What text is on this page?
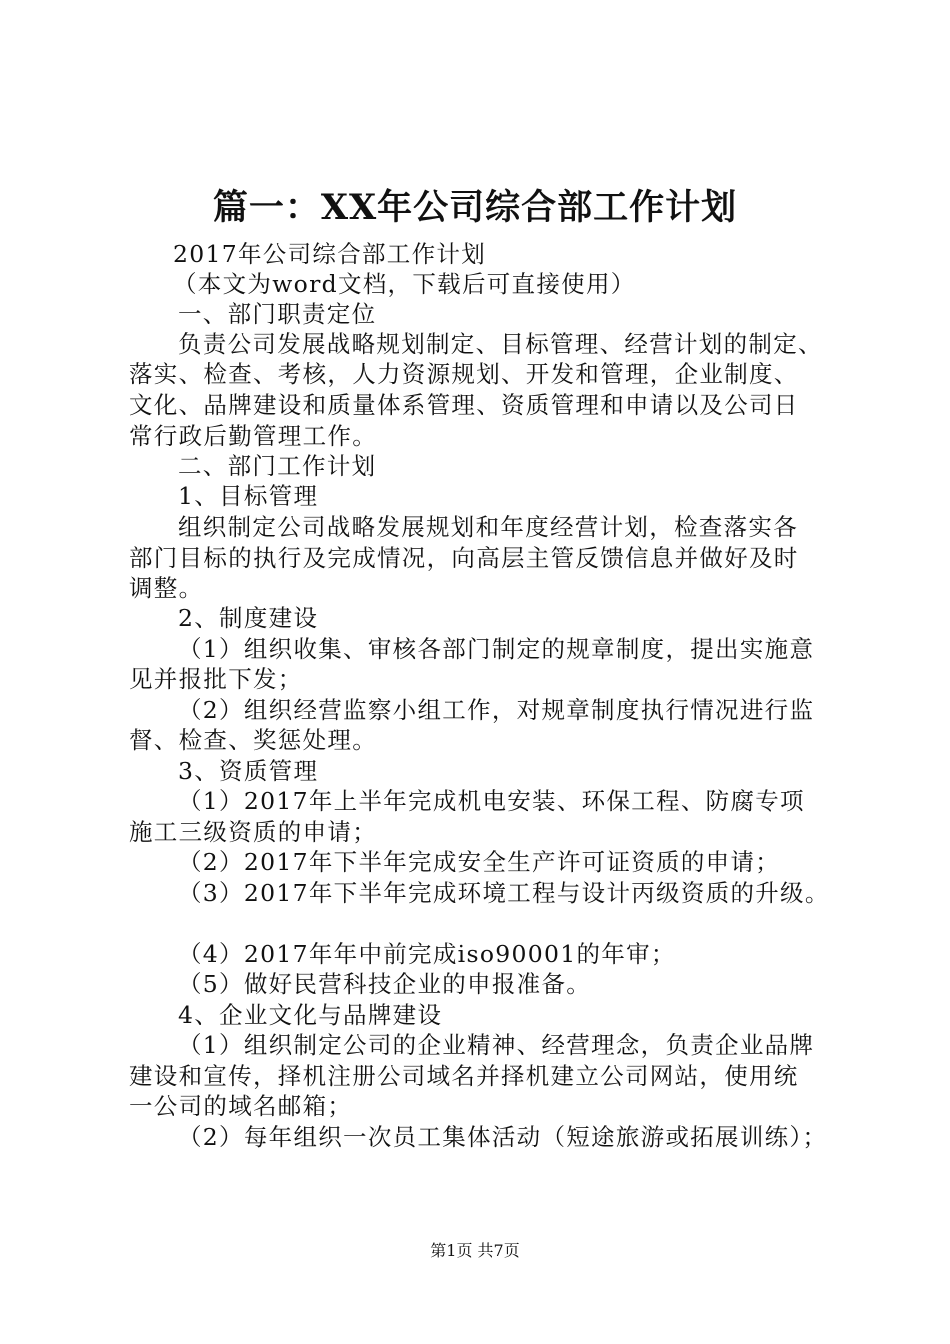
篇一：XX年公司综合部工作计划
2017年公司综合部工作计划
（本文为word文档，下载后可直接使用）
一、部门职责定位
负责公司发展战略规划制定、目标管理、经营计划的制定、
落实、检查、考核，人力资源规划、开发和管理，企业制度、
文化、品牌建设和质量体系管理、资质管理和申请以及公司日
常行政后勤管理工作。
二、部门工作计划
1、目标管理
组织制定公司战略发展规划和年度经营计划，检查落实各
部门目标的执行及完成情况，向高层主管反馈信息并做好及时
调整。
2、制度建设
（1）组织收集、审核各部门制定的规章制度，提出实施意
见并报批下发；
（2）组织经营监察小组工作，对规章制度执行情况进行监
督、检查、奖惩处理。
3、资质管理
（1）2017年上半年完成机电安装、环保工程、防腐专项
施工三级资质的申请；
（2）2017年下半年完成安全生产许可证资质的申请；
（3）2017年下半年完成环境工程与设计丙级资质的升级。
（4）2017年年中前完成iso90001的年审；
（5）做好民营科技企业的申报准备。
4、企业文化与品牌建设
（1）组织制定公司的企业精神、经营理念，负责企业品牌
建设和宣传，择机注册公司域名并择机建立公司网站，使用统
一公司的域名邮箱；
（2）每年组织一次员工集体活动（短途旅游或拓展训练）；
第1页 共7页
